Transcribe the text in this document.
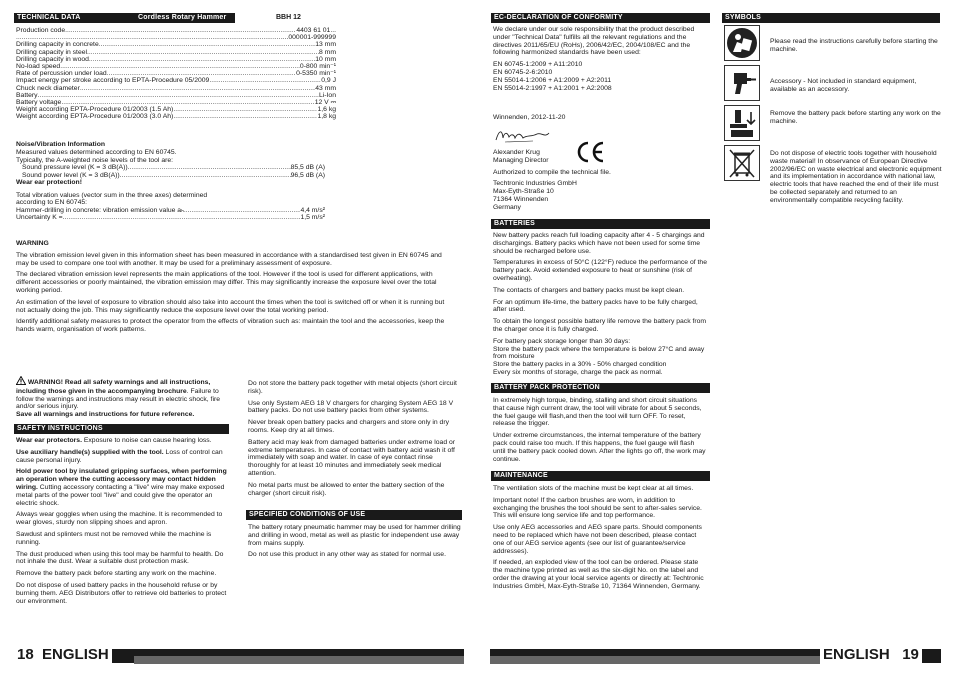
TECHNICAL DATA	Cordless Rotary Hammer	BBH 12
Production code .....	4403 61 01...
.....
...000001-999999
Drilling capacity in concrete .....	13 mm
Drilling capacity in steel .....	8 mm
Drilling capacity in wood .....	10 mm
No-load speed .....	0-800 min⁻¹
Rate of percussion under load .....	0-5350 min⁻¹
Impact energy per stroke according to EPTA-Procedure 05/2009 .....	0,9 J
Chuck neck diameter .....	43 mm
Battery .....	Li-Ion
Battery voltage .....	12 V ⎓
Weight according EPTA-Procedure 01/2003 (1.5 Ah) .....	1,6 kg
Weight according EPTA-Procedure 01/2003 (3.0 Ah) .....	1,8 kg
Noise/Vibration Information
Measured values determined according to EN 60745.
Typically, the A-weighted noise levels of the tool are:
Sound pressure level (K = 3 dB(A)) .....	85,5 dB (A)
Sound power level (K = 3 dB(A)) .....	96,5 dB (A)
Wear ear protection!
Total vibration values (vector sum in the three axes) determined
according to EN 60745:
Hammer-drilling in concrete: vibration emission value aₕ .....	4,4 m/s²
Uncertainty K = .....	1,5 m/s²
WARNING

The vibration emission level given in this information sheet has been measured in accordance with a standardised test given in EN 60745 and may be used to compare one tool with another. It may be used for a preliminary assessment of exposure.

The declared vibration emission level represents the main applications of the tool. However if the tool is used for different applications, with different accessories or poorly maintained, the vibration emission may differ. This may significantly increase the exposure level over the total working period.

An estimation of the level of exposure to vibration should also take into account the times when the tool is switched off or when it is running but not actually doing the job. This may significantly reduce the exposure level over the total working period.

Identify additional safety measures to protect the operator from the effects of vibration such as: maintain the tool and the accessories, keep the hands warm, organisation of work patterns.

WARNING! Read all safety warnings and all instructions, including those given in the accompanying brochure. Failure to follow the warnings and instructions may result in electric shock, fire and/or serious injury.
Save all warnings and instructions for future reference.
SAFETY INSTRUCTIONS

Wear ear protectors. Exposure to noise can cause hearing loss.

Use auxiliary handle(s) supplied with the tool. Loss of control can cause personal injury.

Hold power tool by insulated gripping surfaces, when performing an operation where the cutting accessory may contact hidden wiring. Cutting accessory contacting a "live" wire may make exposed metal parts of the power tool "live" and could give the operator an electric shock.

Always wear goggles when using the machine. It is recommended to wear gloves, sturdy non slipping shoes and apron.

Sawdust and splinters must not be removed while the machine is running.

The dust produced when using this tool may be harmful to health. Do not inhale the dust. Wear a suitable dust protection mask.

Remove the battery pack before starting any work on the machine.

Do not dispose of used battery packs in the household refuse or by burning them. AEG Distributors offer to retrieve old batteries to protect our environment.

Do not store the battery pack together with metal objects (short circuit risk).

Use only System AEG 18 V chargers for charging System AEG 18 V battery packs. Do not use battery packs from other systems.

Never break open battery packs and chargers and store only in dry rooms. Keep dry at all times.

Battery acid may leak from damaged batteries under extreme load or extreme temperatures. In case of contact with battery acid wash it off immediately with soap and water. In case of eye contact rinse thoroughly for at least 10 minutes and immediately seek medical attention.

No metal parts must be allowed to enter the battery section of the charger (short circuit risk).

SPECIFIED CONDITIONS OF USE

The battery rotary pneumatic hammer may be used for hammer drilling and drilling in wood, metal as well as plastic for independent use away from mains supply.

Do not use this product in any other way as stated for normal use.

18 ENGLISH
EC-DECLARATION OF CONFORMITY

We declare under our sole responsibility that the product described under "Technical Data" fulfills all the relevant regulations and the directives 2011/65/EU (RoHs), 2006/42/EC, 2004/108/EC and the following harmonized standards have been used:

EN 60745-1:2009 + A11:2010
EN 60745-2-6:2010
EN 55014-1:2006 + A1:2009 + A2:2011
EN 55014-2:1997 + A1:2001 + A2:2008
Winnenden, 2012-11-20
Alexander Krug
Managing Director
Authorized to compile the technical file.
Techtronic Industries GmbH
Max-Eyth-Straße 10
71364 Winnenden
Germany
BATTERIES

New battery packs reach full loading capacity after 4 - 5 chargings and dischargings. Battery packs which have not been used for some time should be recharged before use.

Temperatures in excess of 50°C (122°F) reduce the performance of the battery pack. Avoid extended exposure to heat or sunshine (risk of overheating).

The contacts of chargers and battery packs must be kept clean.

For an optimum life-time, the battery packs have to be fully charged, after used.

To obtain the longest possible battery life remove the battery pack from the charger once it is fully charged.

For battery pack storage longer than 30 days:
Store the battery pack where the temperature is below 27°C and away from moisture
Store the battery packs in a 30% - 50% charged condition
Every six months of storage, charge the pack as normal.

BATTERY PACK PROTECTION

In extremely high torque, binding, stalling and short circuit situations that cause high current draw, the tool will vibrate for about 5 seconds, the fuel gauge will flash,and then the tool will turn OFF. To reset, release the trigger.

Under extreme circumstances, the internal temperature of the battery pack could raise too much. If this happens, the fuel gauge will flash until the battery pack cooled down. After the lights go off, the work may continue.

MAINTENANCE

The ventilation slots of the machine must be kept clear at all times.

Important note! If the carbon brushes are worn, in addition to exchanging the brushes the tool should be sent to after-sales service. This will ensure long service life and top performance.

Use only AEG accessories and AEG spare parts. Should components need to be replaced which have not been described, please contact one of our AEG service agents (see our list of guarantee/service addresses).

If needed, an exploded view of the tool can be ordered. Please state the machine type printed as well as the six-digit No. on the label and order the drawing at your local service agents or directly at: Techtronic Industries GmbH, Max-Eyth-Straße 10, 71364 Winnenden, Germany.

SYMBOLS
Please read the instructions carefully before starting the machine.
Accessory - Not included in standard equipment, available as an accessory.
Remove the battery pack before starting any work on the machine.
Do not dispose of electric tools together with household waste material! In observance of European Directive 2002/96/EC on waste electrical and electronic equipment and its implementation in accordance with national law, electric tools that have reached the end of their life must be collected separately and returned to an environmentally compatible recycling facility.
ENGLISH 19
